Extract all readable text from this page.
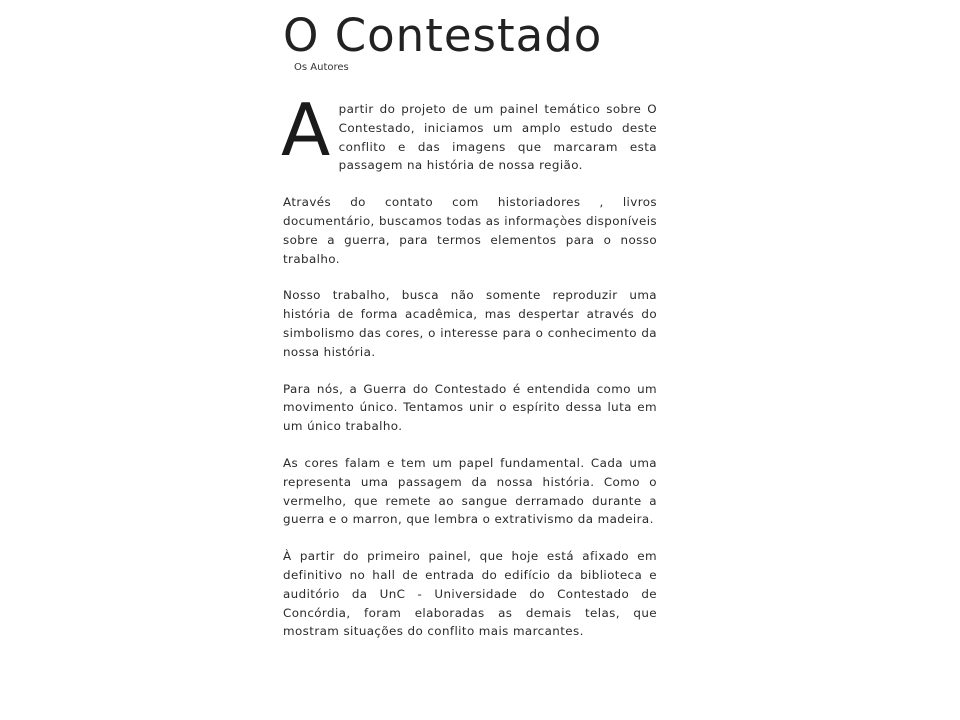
O Contestado
Os Autores

Apartir do projeto de um painel temático sobre O Contestado, iniciamos um amplo estudo deste conflito e das imagens que marcaram esta passagem na história de nossa região.

Através do contato com historiadores , livros documentário, buscamos todas as informaçòes disponíveis sobre a guerra, para termos elementos para o nosso trabalho.

Nosso trabalho, busca não somente reproduzir uma história de forma acadêmica, mas despertar através do simbolismo das cores, o interesse para o conhecimento da nossa história.

Para nós, a Guerra do Contestado é entendida como um movimento único. Tentamos unir o espírito dessa luta em um único trabalho.

As cores falam e tem um papel fundamental. Cada uma representa uma passagem da nossa história. Como o vermelho, que remete ao sangue derramado durante a guerra e o marron, que lembra o extrativismo da madeira.

À partir do primeiro painel, que hoje está afixado em definitivo no hall de entrada do edifício da biblioteca e auditório da UnC - Universidade do Contestado de Concórdia, foram elaboradas as demais telas, que mostram situações do conflito mais marcantes.
